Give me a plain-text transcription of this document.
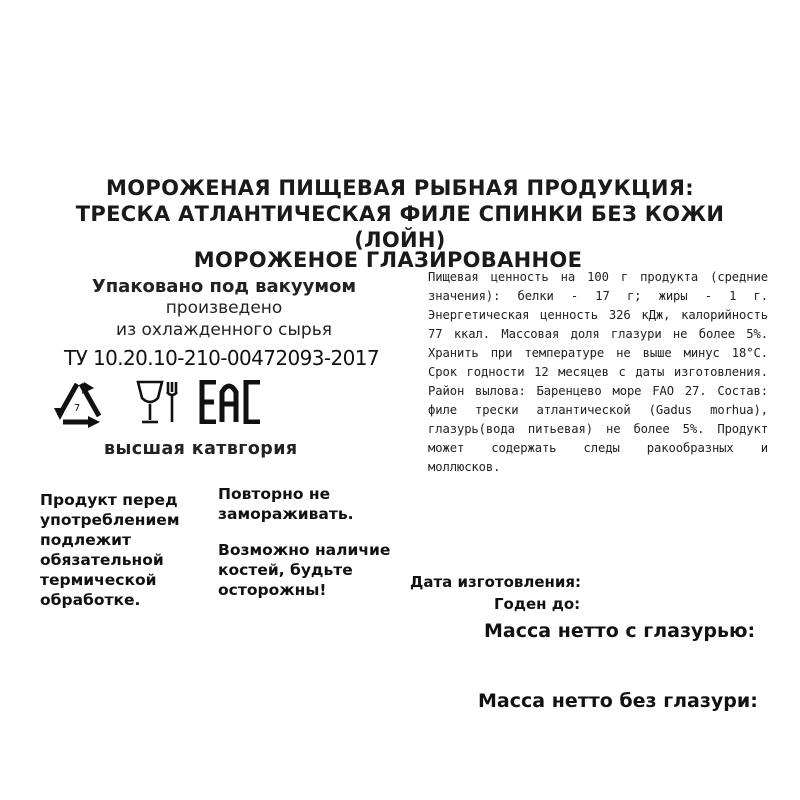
МОРОЖЕНАЯ ПИЩЕВАЯ РЫБНАЯ ПРОДУКЦИЯ:
ТРЕСКА АТЛАНТИЧЕСКАЯ ФИЛЕ СПИНКИ БЕЗ КОЖИ
(ЛОЙН)
МОРОЖЕНОЕ ГЛАЗИРОВАННОЕ
Упаковано под вакуумом
произведено
из охлажденного сырья
ТУ 10.20.10-210-00472093-2017
7
высшая катвгория
Пищевая ценность на 100 г продукта (средние значения): белки - 17 г; жиры - 1 г. Энергетическая ценность 326 кДж, калорийность 77 ккал. Массовая доля глазури не более 5%. Хранить при температуре не выше минус 18°С. Срок годности 12 месяцев с даты изготовления. Район вылова: Баренцево море FAO 27. Состав: филе трески атлантической (Gadus morhua), глазурь(вода питьевая) не более 5%. Продукт может содержать следы ракообразных и моллюсков.
Продукт перед употреблением подлежит обязательной термической обработке.
Повторно не замораживать.
Возможно наличие костей, будьте осторожны!	Дата изготовления:
Годен до:
Масса нетто с глазурью:
Масса нетто без глазури:
